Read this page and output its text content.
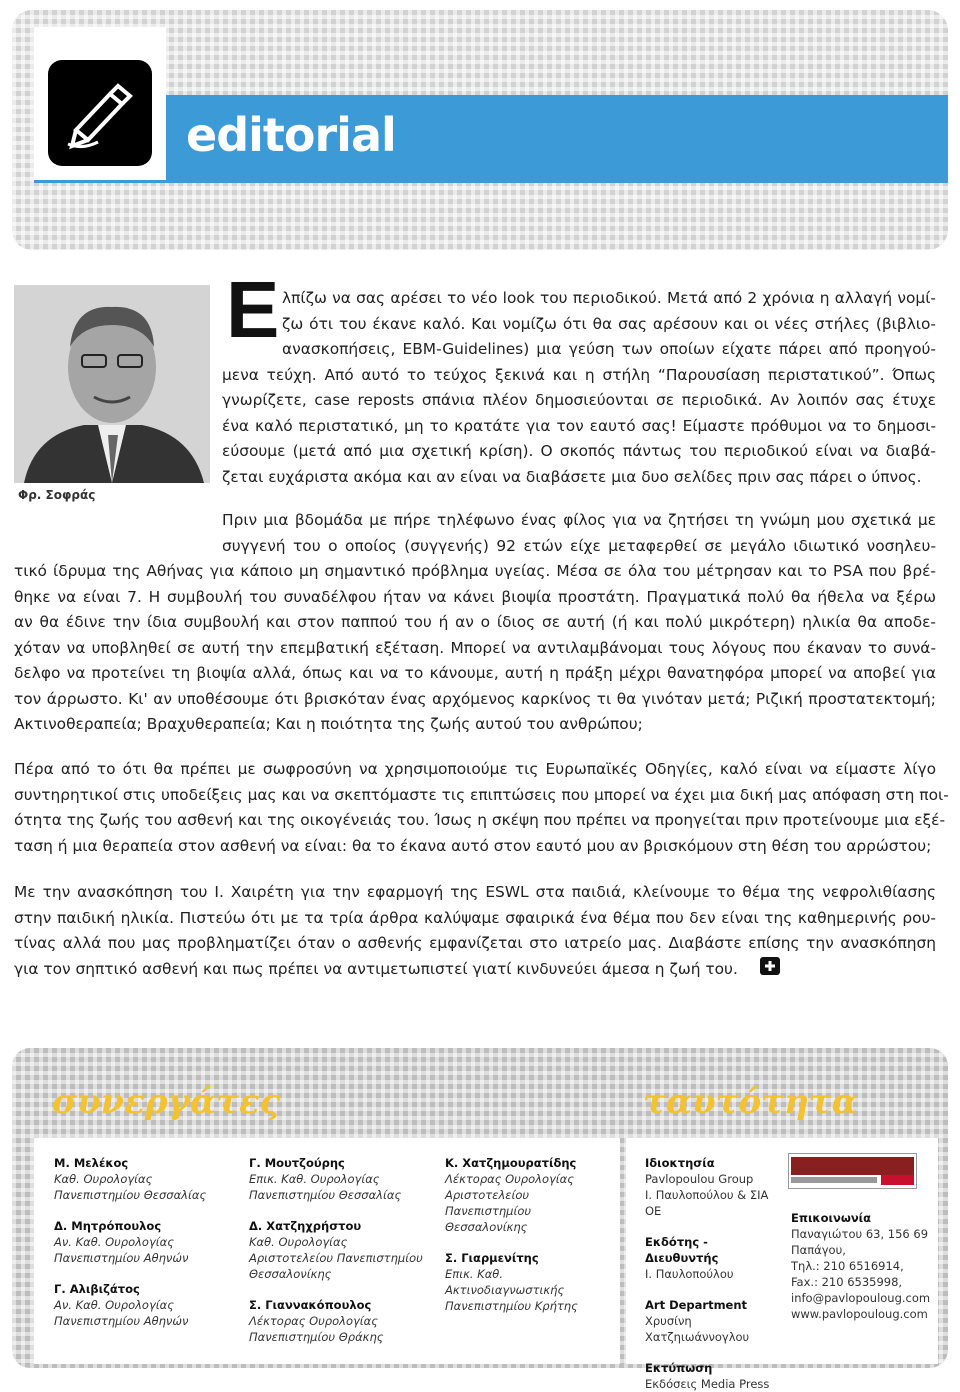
editorial
Φρ. Σοφράς
Ε λπίζω να σας αρέσει το νέο look του περιοδικού. Μετά από 2 χρόνια η αλλαγή νομί-
ζω ότι του έκανε καλό. Και νομίζω ότι θα σας αρέσουν και οι νέες στήλες (βιβλιο-
ανασκοπήσεις, EBM-Guidelines) μια γεύση των οποίων είχατε πάρει από προηγού-
μενα τεύχη. Από αυτό το τεύχος ξεκινά και η στήλη “Παρουσίαση περιστατικού”. Όπως
γνωρίζετε, case reposts σπάνια πλέον δημοσιεύονται σε περιοδικά. Αν λοιπόν σας έτυχε
ένα καλό περιστατικό, μη το κρατάτε για τον εαυτό σας! Είμαστε πρόθυμοι να το δημοσι-
εύσουμε (μετά από μια σχετική κρίση). Ο σκοπός πάντως του περιοδικού είναι να διαβά-
ζεται ευχάριστα ακόμα και αν είναι να διαβάσετε μια δυο σελίδες πριν σας πάρει ο ύπνος.
Πριν μια βδομάδα με πήρε τηλέφωνο ένας φίλος για να ζητήσει τη γνώμη μου σχετικά με
συγγενή του ο οποίος (συγγενής) 92 ετών είχε μεταφερθεί σε μεγάλο ιδιωτικό νοσηλευ-
τικό ίδρυμα της Αθήνας για κάποιο μη σημαντικό πρόβλημα υγείας. Μέσα σε όλα του μέτρησαν και το PSA που βρέ-
θηκε να είναι 7. Η συμβουλή του συναδέλφου ήταν να κάνει βιοψία προστάτη. Πραγματικά πολύ θα ήθελα να ξέρω
αν θα έδινε την ίδια συμβουλή και στον παππού του ή αν ο ίδιος σε αυτή (ή και πολύ μικρότερη) ηλικία θα αποδε-
χόταν να υποβληθεί σε αυτή την επεμβατική εξέταση. Μπορεί να αντιλαμβάνομαι τους λόγους που έκαναν το συνά-
δελφο να προτείνει τη βιοψία αλλά, όπως και να το κάνουμε, αυτή η πράξη μέχρι θανατηφόρα μπορεί να αποβεί για
τον άρρωστο. Κι' αν υποθέσουμε ότι βρισκόταν ένας αρχόμενος καρκίνος τι θα γινόταν μετά; Ριζική προστατεκτομή;
Ακτινοθεραπεία; Βραχυθεραπεία; Και η ποιότητα της ζωής αυτού του ανθρώπου;
Πέρα από το ότι θα πρέπει με σωφροσύνη να χρησιμοποιούμε τις Ευρωπαϊκές Οδηγίες, καλό είναι να είμαστε λίγο
συντηρητικοί στις υποδείξεις μας και να σκεπτόμαστε τις επιπτώσεις που μπορεί να έχει μια δική μας απόφαση στη ποι-
ότητα της ζωής του ασθενή και της οικογένειάς του. Ίσως η σκέψη που πρέπει να προηγείται πριν προτείνουμε μια εξέ-
ταση ή μια θεραπεία στον ασθενή να είναι: θα το έκανα αυτό στον εαυτό μου αν βρισκόμουν στη θέση του αρρώστου;
Με την ανασκόπηση του Ι. Χαιρέτη για την εφαρμογή της ESWL στα παιδιά, κλείνουμε το θέμα της νεφρολιθίασης
στην παιδική ηλικία. Πιστεύω ότι με τα τρία άρθρα καλύψαμε σφαιρικά ένα θέμα που δεν είναι της καθημερινής ρου-
τίνας αλλά που μας προβληματίζει όταν ο ασθενής εμφανίζεται στο ιατρείο μας. Διαβάστε επίσης την ανασκόπηση
για τον σηπτικό ασθενή και πως πρέπει να αντιμετωπιστεί γιατί κινδυνεύει άμεσα η ζωή του.
συνεργάτες	ταυτότητα
Μ. Μελέκος
Καθ. Ουρολογίας
Πανεπιστημίου Θεσσαλίας
Δ. Μητρόπουλος
Αν. Καθ. Ουρολογίας
Πανεπιστημίου Αθηνών
Γ. Αλιβιζάτος
Αν. Καθ. Ουρολογίας
Πανεπιστημίου Αθηνών
Γ. Μουτζούρης
Επικ. Καθ. Ουρολογίας
Πανεπιστημίου Θεσσαλίας
Δ. Χατζηχρήστου
Καθ. Ουρολογίας
Αριστοτελείου Πανεπιστημίου
Θεσσαλονίκης
Σ. Γιαννακόπουλος
Λέκτορας Ουρολογίας
Πανεπιστημίου Θράκης
Κ. Χατζημουρατίδης
Λέκτορας Ουρολογίας
Αριστοτελείου Πανεπιστημίου
Θεσσαλονίκης
Σ. Γιαρμενίτης
Επικ. Καθ.
Ακτινοδιαγνωστικής
Πανεπιστημίου Κρήτης
Ιδιοκτησία
Pavlopoulou Group
Ι. Παυλοπούλου & ΣΙΑ ΟΕ
Εκδότης - Διευθυντής
Ι. Παυλοπούλου
Art Department
Χρυσίνη
Χατζηιωάννογλου
Εκτύπωση
Εκδόσεις Media Press
Επικοινωνία
Παναγιώτου 63, 156 69
Παπάγου,
Τηλ.: 210 6516914,
Fax.: 210 6535998,
info@pavlopouloug.com
www.pavlopouloug.com
